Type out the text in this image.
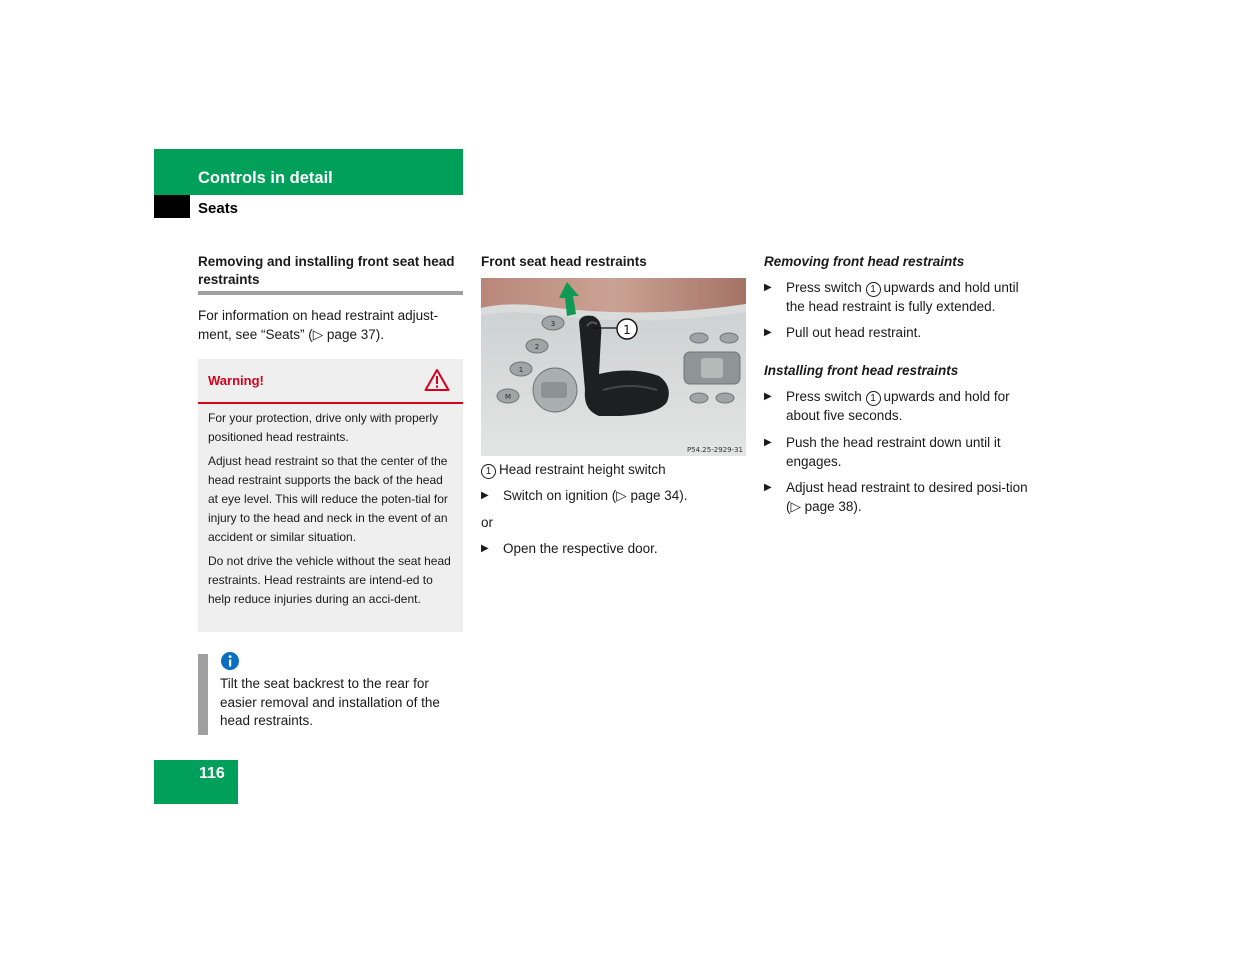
Controls in detail
Seats
Removing and installing front seat head restraints
For information on head restraint adjust-
ment, see “Seats” (▷ page 37).
Warning!

For your protection, drive only with properly positioned head restraints.

Adjust head restraint so that the center of the head restraint supports the back of the head at eye level. This will reduce the poten-tial for injury to the head and neck in the event of an accident or similar situation.

Do not drive the vehicle without the seat head restraints. Head restraints are intend-ed to help reduce injuries during an acci-dent.

Tilt the seat backrest to the rear for easier removal and installation of the head restraints.
Front seat head restraints
3
2
1
M
1
P54.25-2929-31
1 Head restraint height switch
▶ Switch on ignition (▷ page 34).
or
▶ Open the respective door.
Removing front head restraints
▶ Press switch 1 upwards and hold until the head restraint is fully extended.
▶ Pull out head restraint.
Installing front head restraints
▶ Press switch 1 upwards and hold for about five seconds.
▶ Push the head restraint down until it engages.
▶ Adjust head restraint to desired posi-tion (▷ page 38).
116
